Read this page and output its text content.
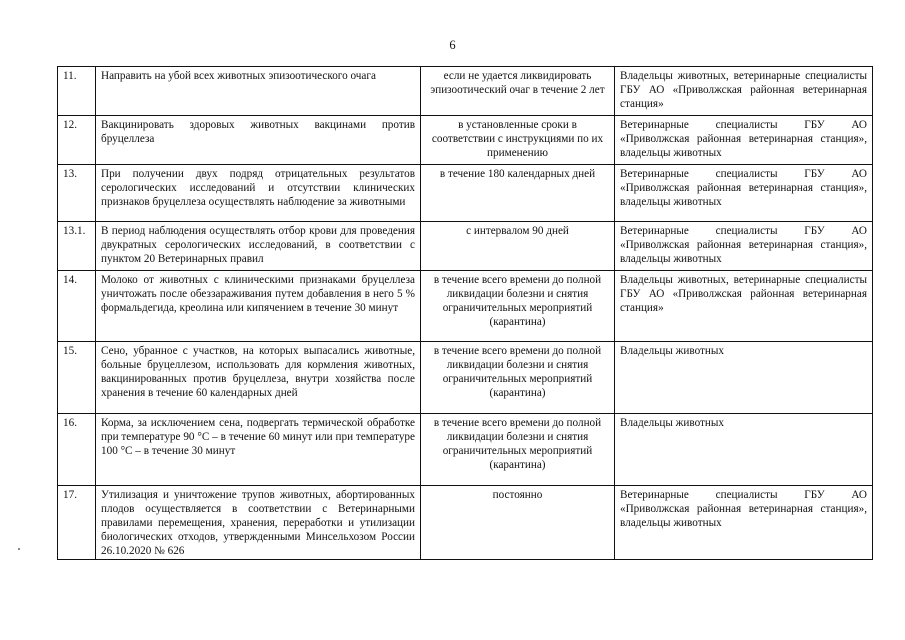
6
11.	Направить на убой всех животных эпизоотического очага	если не удается ликвидировать эпизоотический очаг в течение 2 лет	Владельцы животных, ветеринарные специалисты ГБУ АО «Приволжская районная ветеринарная станция»
12.	Вакцинировать здоровых животных вакцинами против бруцеллеза	в установленные сроки в соответствии с инструкциями по их применению	Ветеринарные специалисты ГБУ АО «Приволжская районная ветеринарная станция», владельцы животных
13.	При получении двух подряд отрицательных результатов серологических исследований и отсутствии клинических признаков бруцеллеза осуществлять наблюдение за животными	в течение 180 календарных дней	Ветеринарные специалисты ГБУ АО «Приволжская районная ветеринарная станция», владельцы животных
13.1.	В период наблюдения осуществлять отбор крови для проведения двукратных серологических исследований, в соответствии с пунктом 20 Ветеринарных правил	с интервалом 90 дней	Ветеринарные специалисты ГБУ АО «Приволжская районная ветеринарная станция», владельцы животных
14.	Молоко от животных с клиническими признаками бруцеллеза уничтожать после обеззараживания путем добавления в него 5 % формальдегида, креолина или кипячением в течение 30 минут	в течение всего времени до полной ликвидации болезни и снятия ограничительных мероприятий (карантина)	Владельцы животных, ветеринарные специалисты ГБУ АО «Приволжская районная ветеринарная станция»
15.	Сено, убранное с участков, на которых выпасались животные, больные бруцеллезом, использовать для кормления животных, вакцинированных против бруцеллеза, внутри хозяйства после хранения в течение 60 календарных дней	в течение всего времени до полной ликвидации болезни и снятия ограничительных мероприятий (карантина)	Владельцы животных
16.	Корма, за исключением сена, подвергать термической обработке при температуре 90 °С – в течение 60 минут или при температуре 100 °С – в течение 30 минут	в течение всего времени до полной ликвидации болезни и снятия ограничительных мероприятий (карантина)	Владельцы животных
17.	Утилизация и уничтожение трупов животных, абортированных плодов осуществляется в соответствии с Ветеринарными правилами перемещения, хранения, переработки и утилизации биологических отходов, утвержденными Минсельхозом России 26.10.2020 № 626	постоянно	Ветеринарные специалисты ГБУ АО «Приволжская районная ветеринарная станция», владельцы животных
